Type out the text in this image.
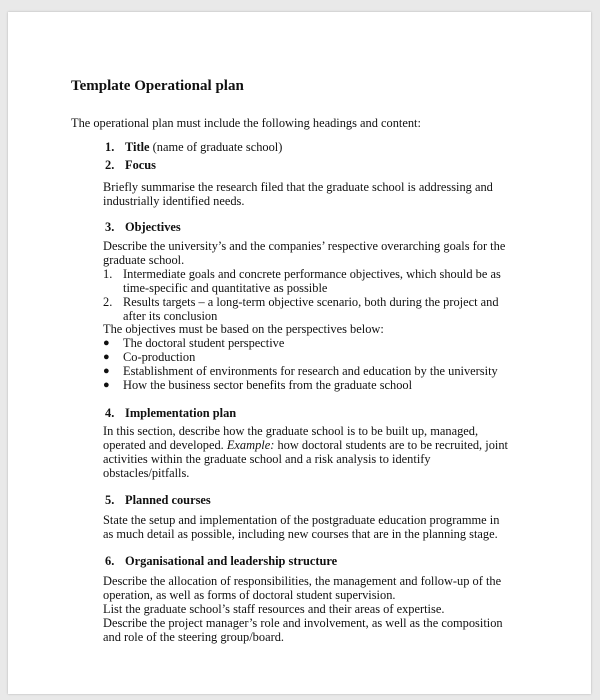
Template Operational plan
The operational plan must include the following headings and content:
1. Title (name of graduate school)
2. Focus
Briefly summarise the research filed that the graduate school is addressing and
industrially identified needs.
3. Objectives
Describe the university’s and the companies’ respective overarching goals for the
graduate school.
1. Intermediate goals and concrete performance objectives, which should be as
time-specific and quantitative as possible
2. Results targets – a long-term objective scenario, both during the project and
after its conclusion
The objectives must be based on the perspectives below:
● The doctoral student perspective
● Co-production
● Establishment of environments for research and education by the university
● How the business sector benefits from the graduate school
4. Implementation plan
In this section, describe how the graduate school is to be built up, managed,
operated and developed. Example: how doctoral students are to be recruited, joint
activities within the graduate school and a risk analysis to identify
obstacles/pitfalls.
5. Planned courses
State the setup and implementation of the postgraduate education programme in
as much detail as possible, including new courses that are in the planning stage.
6. Organisational and leadership structure
Describe the allocation of responsibilities, the management and follow-up of the
operation, as well as forms of doctoral student supervision.
List the graduate school’s staff resources and their areas of expertise.
Describe the project manager’s role and involvement, as well as the composition
and role of the steering group/board.
